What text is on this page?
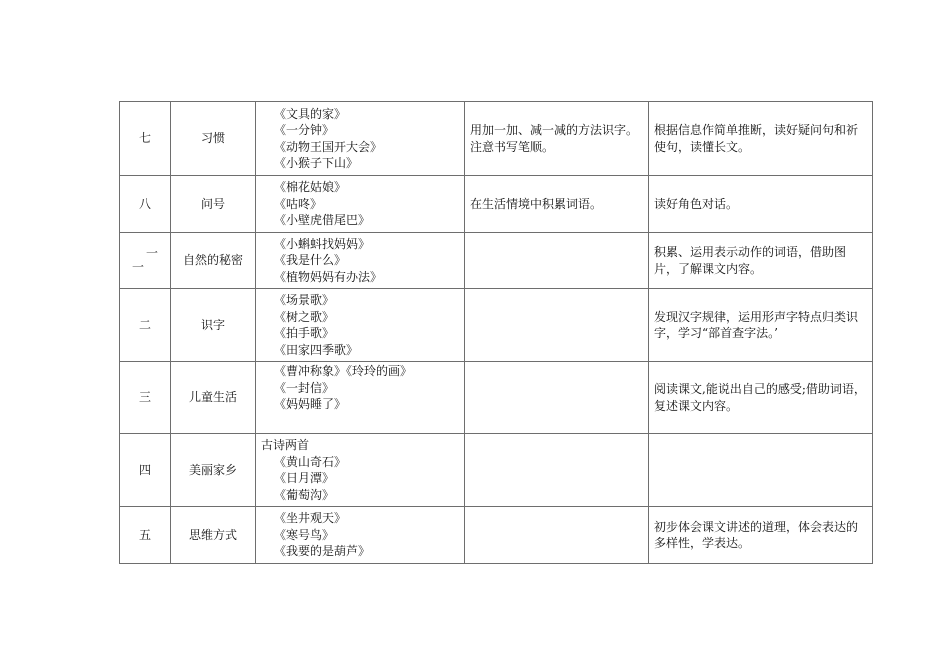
七	习惯	《文具的家》
《一分钟》
《动物王国开大会》
《小猴子下山》	用加一加、减一减的方法识字。注意书写笔顺。	根据信息作简单推断，读好疑问句和祈使句，读懂长文。
八	问号	《棉花姑娘》
《咕咚》
《小壁虎借尾巴》	在生活情境中积累词语。	读好角色对话。

一
一	自然的秘密	《小蝌蚪找妈妈》
《我是什么》
《植物妈妈有办法》		积累、运用表示动作的词语，借助图片，了解课文内容。
二	识字	《场景歌》
《树之歌》
《拍手歌》
《田家四季歌》		发现汉字规律，运用形声字特点归类识字，学习“部首查字法。’
三	儿童生活	《曹冲称象》《玲玲的画》
《一封信》
《妈妈睡了》		阅读课文,能说出自己的感受;借助词语，复述课文内容。
四	美丽家乡	古诗两首
《黄山奇石》
《日月潭》
《葡萄沟》		

五	思维方式	《坐井观天》
《寒号鸟》
《我要的是葫芦》		初步体会课文讲述的道理，体会表达的多样性，学表达。
